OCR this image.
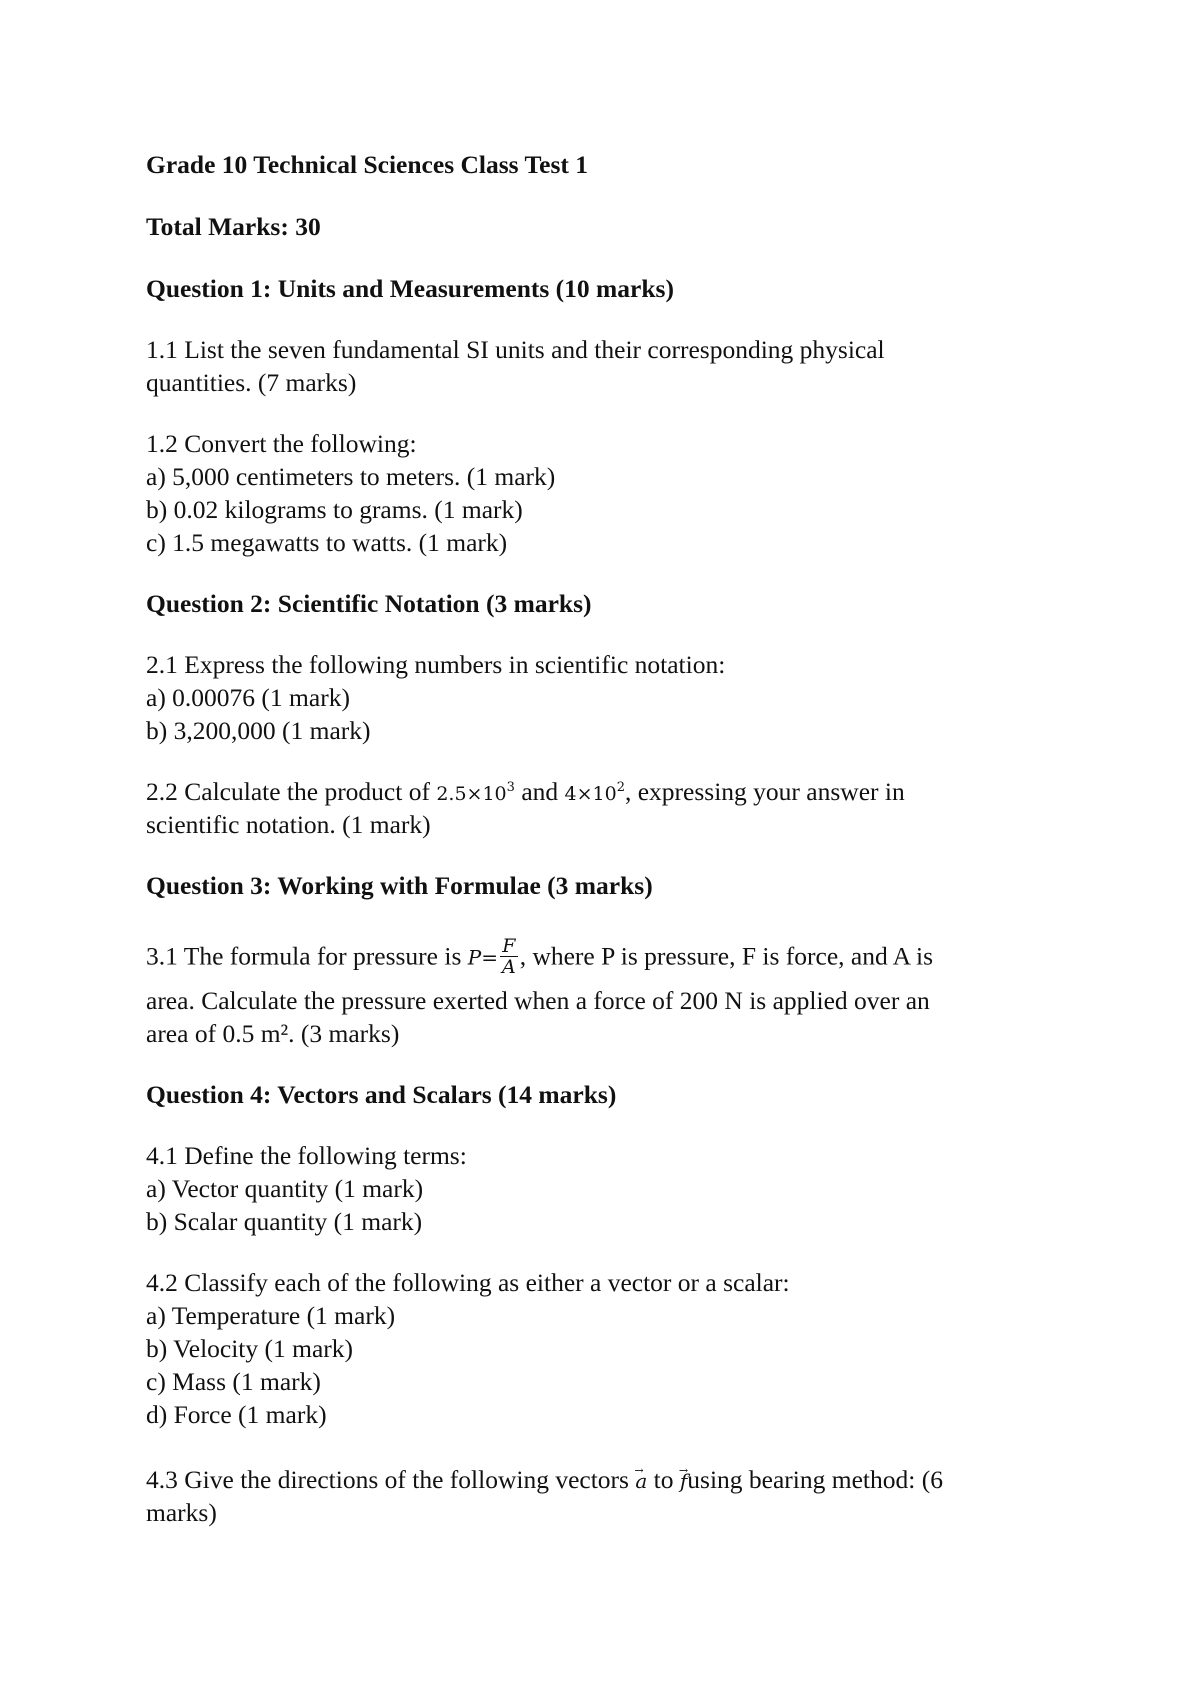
Grade 10 Technical Sciences Class Test 1

Total Marks: 30

Question 1: Units and Measurements (10 marks)

1.1 List the seven fundamental SI units and their corresponding physical

quantities. (7 marks)

1.2 Convert the following:

a) 5,000 centimeters to meters. (1 mark)

b) 0.02 kilograms to grams. (1 mark)

c) 1.5 megawatts to watts. (1 mark)

Question 2: Scientific Notation (3 marks)

2.1 Express the following numbers in scientific notation:

a) 0.00076 (1 mark)

b) 3,200,000 (1 mark)

2.2 Calculate the product of $2.5\times 10^3$ and $4\times 10^2$, expressing your answer in

scientific notation. (1 mark)

Question 3: Working with Formulae (3 marks)

3.1 The formula for pressure is $P= \frac{F}{A}$ , where P is pressure, F is force, and A is

area. Calculate the pressure exerted when a force of 200 N is applied over an

area of 0.5 m². (3 marks)

Question 4: Vectors and Scalars (14 marks)

4.1 Define the following terms:

a) Vector quantity (1 mark)

b) Scalar quantity (1 mark)

4.2 Classify each of the following as either a vector or a scalar:

a) Temperature (1 mark)

b) Velocity (1 mark)

c) Mass (1 mark)

d) Force (1 mark)

4.3 Give the directions of the following vectors → a to → fusing bearing method: (6

marks)
